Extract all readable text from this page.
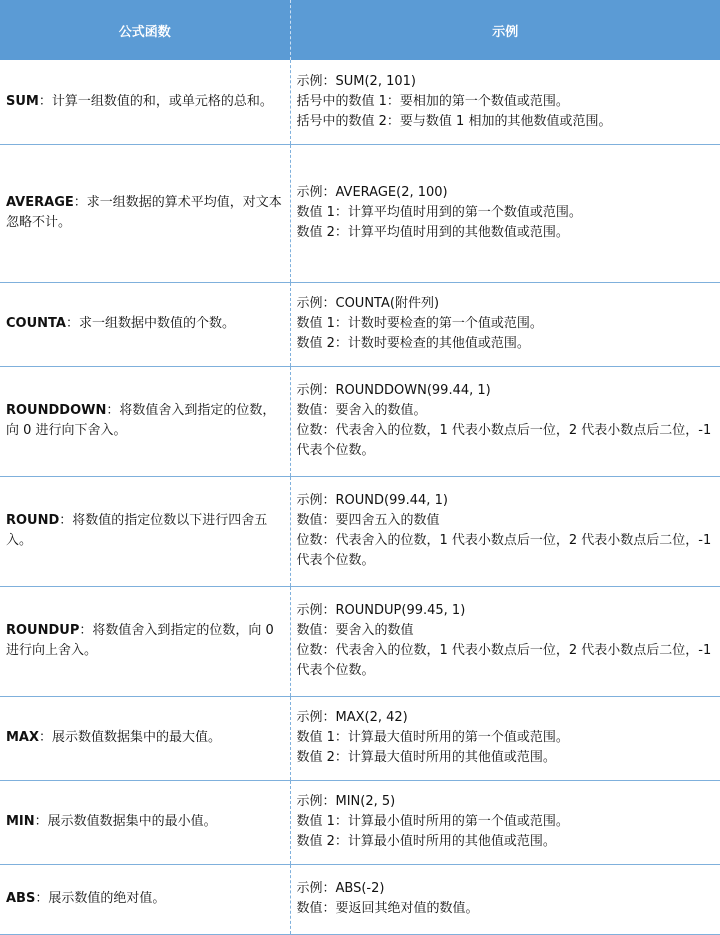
公式函数	示例
SUM：计算一组数值的和，或单元格的总和。	示例：SUM(2, 101)
括号中的数值 1：要相加的第一个数值或范围。
括号中的数值 2：要与数值 1 相加的其他数值或范围。

AVERAGE：求一组数据的算术平均值，对文本忽略不计。	示例：AVERAGE(2, 100)
数值 1：计算平均值时用到的第一个数值或范围。
数值 2：计算平均值时用到的其他数值或范围。

COUNTA：求一组数据中数值的个数。	示例：COUNTA(附件列)
数值 1：计数时要检查的第一个值或范围。
数值 2：计数时要检查的其他值或范围。

ROUNDDOWN：将数值舍入到指定的位数，向 0 进行向下舍入。	示例：ROUNDDOWN(99.44, 1)
数值：要舍入的数值。
位数：代表舍入的位数，1 代表小数点后一位，2 代表小数点后二位，-1 代表个位数。

ROUND：将数值的指定位数以下进行四舍五入。	示例：ROUND(99.44, 1)
数值：要四舍五入的数值
位数：代表舍入的位数，1 代表小数点后一位，2 代表小数点后二位，-1 代表个位数。

ROUNDUP：将数值舍入到指定的位数，向 0 进行向上舍入。	示例：ROUNDUP(99.45, 1)
数值：要舍入的数值
位数：代表舍入的位数，1 代表小数点后一位，2 代表小数点后二位，-1 代表个位数。

MAX：展示数值数据集中的最大值。	示例：MAX(2, 42)
数值 1：计算最大值时所用的第一个值或范围。
数值 2：计算最大值时所用的其他值或范围。

MIN：展示数值数据集中的最小值。	示例：MIN(2, 5)
数值 1：计算最小值时所用的第一个值或范围。
数值 2：计算最小值时所用的其他值或范围。

ABS：展示数值的绝对值。	示例：ABS(-2)
数值：要返回其绝对值的数值。
